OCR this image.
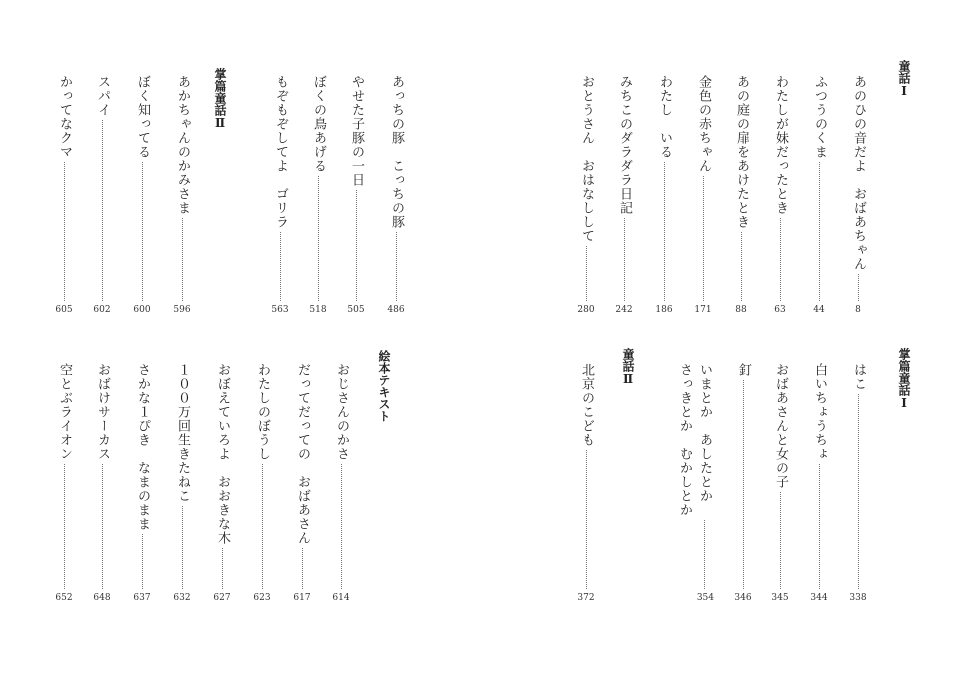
あっちの豚　こっちの豚
486
やせた子豚の一日
505
ぼくの鳥あげる
518
もぞもぞしてよ　ゴリラ
563
掌篇童話Ⅱ
あかちゃんのかみさま
596
ぼく知ってる
600
スパイ
602
かってなクマ
605
絵本テキスト
おじさんのかさ
614
だってだっての　おばあさん
617
わたしのぼうし
623
おぼえていろよ　おおきな木
627
１００万回生きたねこ
632
さかな１ぴき　なまのまま
637
おばけサーカス
648
空とぶライオン
652
童話Ⅰ
あのひの音だよ　おばあちゃん
8
ふつうのくま
44
わたしが妹だったとき
63
あの庭の扉をあけたとき
88
金色の赤ちゃん
171
わたし　いる
186
みちこのダラダラ日記
242
おとうさん　おはなしして
280
掌篇童話Ⅰ
はこ
338
白いちょうちょ
344
おばあさんと女の子
345
釘
346
いまとか　あしたとか
さっきとか　むかしとか
354
童話Ⅱ
北京のこども
372
